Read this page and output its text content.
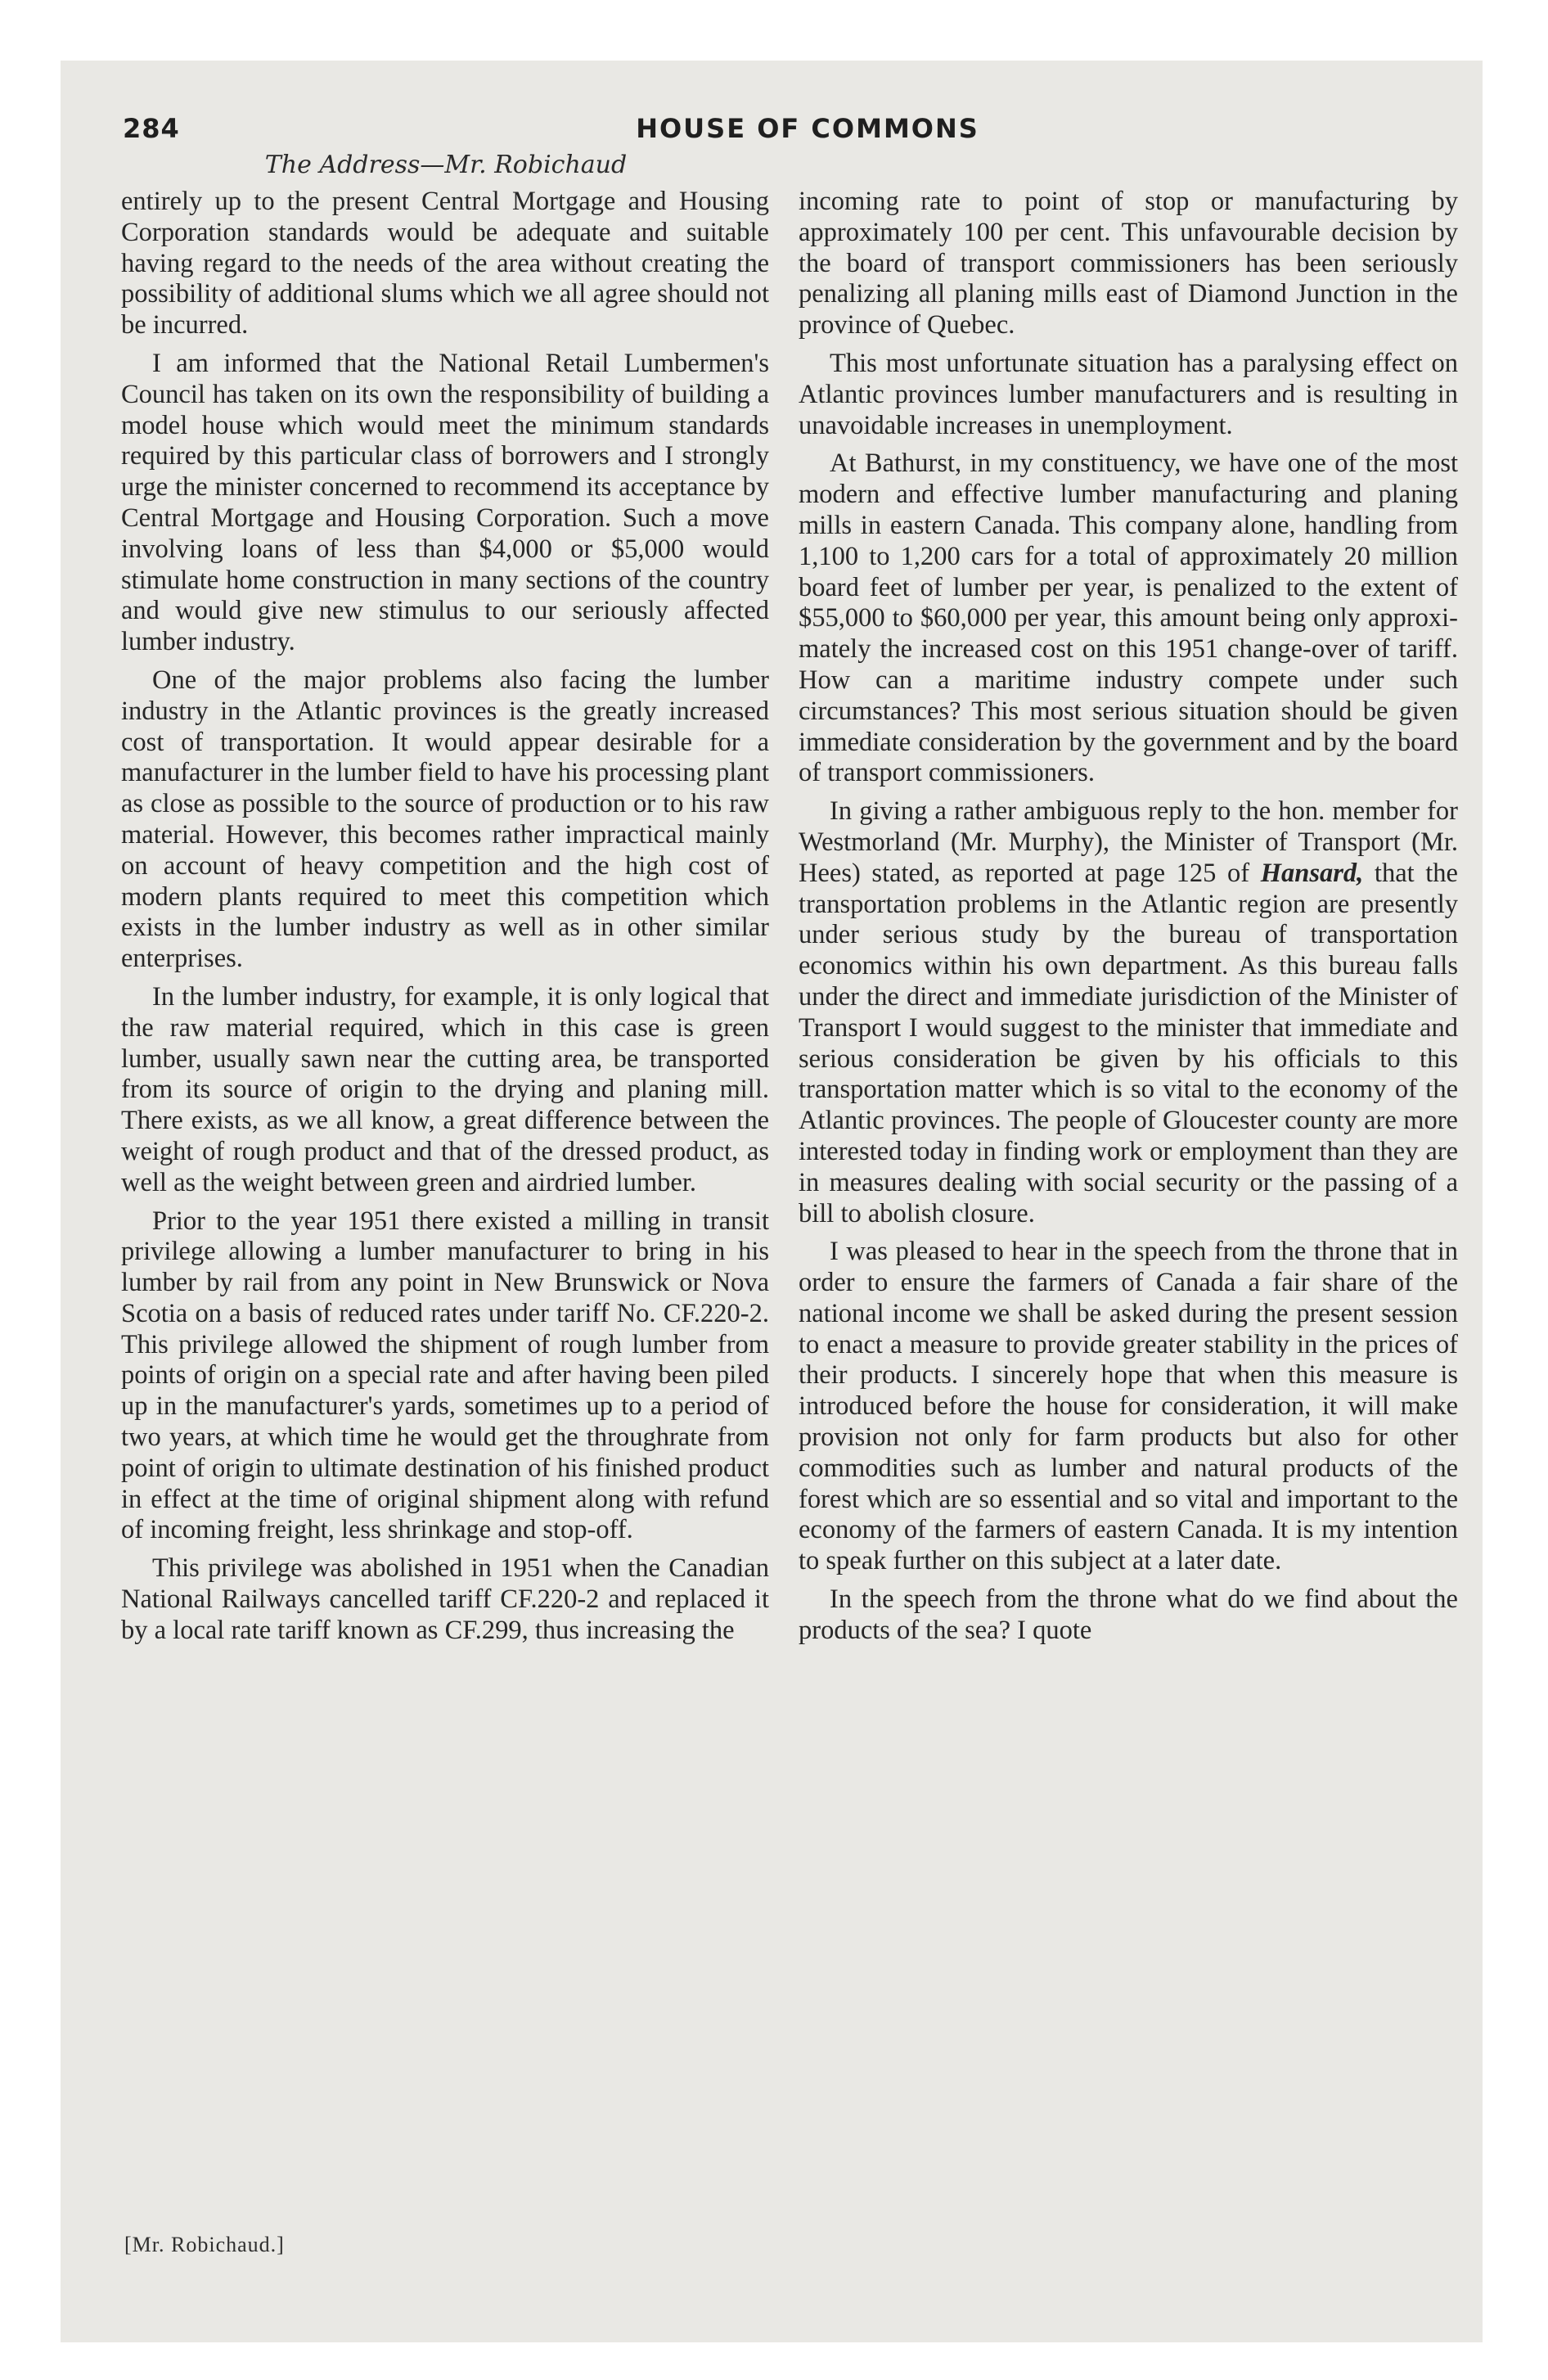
284	HOUSE OF COMMONS
The Address—Mr. Robichaud

entirely up to the present Central Mortgage and Housing Corporation standards would be adequate and suitable having regard to the needs of the area without creating the possibility of additional slums which we all agree should not be incurred.

I am informed that the National Retail Lumbermen's Council has taken on its own the responsibility of building a model house which would meet the minimum standards required by this particular class of borrowers and I strongly urge the minister concerned to recommend its acceptance by Central Mortgage and Housing Corporation. Such a move involving loans of less than $4,000 or $5,000 would stimulate home construction in many sections of the country and would give new stimulus to our seriously affected lumber industry.

One of the major problems also facing the lumber industry in the Atlantic provinces is the greatly increased cost of transportation. It would appear desirable for a manufacturer in the lumber field to have his processing plant as close as possible to the source of production or to his raw material. However, this becomes rather impractical mainly on account of heavy competition and the high cost of modern plants required to meet this competition which exists in the lumber industry as well as in other similar enterprises.

In the lumber industry, for example, it is only logical that the raw material required, which in this case is green lumber, usually sawn near the cutting area, be transported from its source of origin to the drying and planing mill. There exists, as we all know, a great difference between the weight of rough product and that of the dressed product, as well as the weight between green and airdried lumber.

Prior to the year 1951 there existed a milling in transit privilege allowing a lumber manufacturer to bring in his lumber by rail from any point in New Brunswick or Nova Scotia on a basis of reduced rates under tariff No. CF.220-2. This privilege allowed the shipment of rough lumber from points of origin on a special rate and after having been piled up in the manufacturer's yards, sometimes up to a period of two years, at which time he would get the throughrate from point of origin to ultimate destination of his finished product in effect at the time of original shipment along with refund of incoming freight, less shrinkage and stop-off.

This privilege was abolished in 1951 when the Canadian National Railways cancelled tariff CF.220-2 and replaced it by a local rate tariff known as CF.299, thus increasing the

incoming rate to point of stop or manufacturing by approximately 100 per cent. This unfavourable decision by the board of transport commissioners has been seriously penalizing all planing mills east of Diamond Junction in the province of Quebec.

This most unfortunate situation has a paralysing effect on Atlantic provinces lumber manufacturers and is resulting in unavoidable increases in unemployment.

At Bathurst, in my constituency, we have one of the most modern and effective lumber manufacturing and planing mills in eastern Canada. This company alone, handling from 1,100 to 1,200 cars for a total of approximately 20 million board feet of lumber per year, is penalized to the extent of $55,000 to $60,000 per year, this amount being only approximately the increased cost on this 1951 change-over of tariff. How can a maritime industry compete under such circumstances? This most serious situation should be given immediate consideration by the government and by the board of transport commissioners.

In giving a rather ambiguous reply to the hon. member for Westmorland (Mr. Murphy), the Minister of Transport (Mr. Hees) stated, as reported at page 125 of Hansard, that the transportation problems in the Atlantic region are presently under serious study by the bureau of transportation economics within his own department. As this bureau falls under the direct and immediate jurisdiction of the Minister of Transport I would suggest to the minister that immediate and serious consideration be given by his officials to this transportation matter which is so vital to the economy of the Atlantic provinces. The people of Gloucester county are more interested today in finding work or employment than they are in measures dealing with social security or the passing of a bill to abolish closure.

I was pleased to hear in the speech from the throne that in order to ensure the farmers of Canada a fair share of the national income we shall be asked during the present session to enact a measure to provide greater stability in the prices of their products. I sincerely hope that when this measure is introduced before the house for consideration, it will make provision not only for farm products but also for other commodities such as lumber and natural products of the forest which are so essential and so vital and important to the economy of the farmers of eastern Canada. It is my intention to speak further on this subject at a later date.

In the speech from the throne what do we find about the products of the sea? I quote

[Mr. Robichaud.]
